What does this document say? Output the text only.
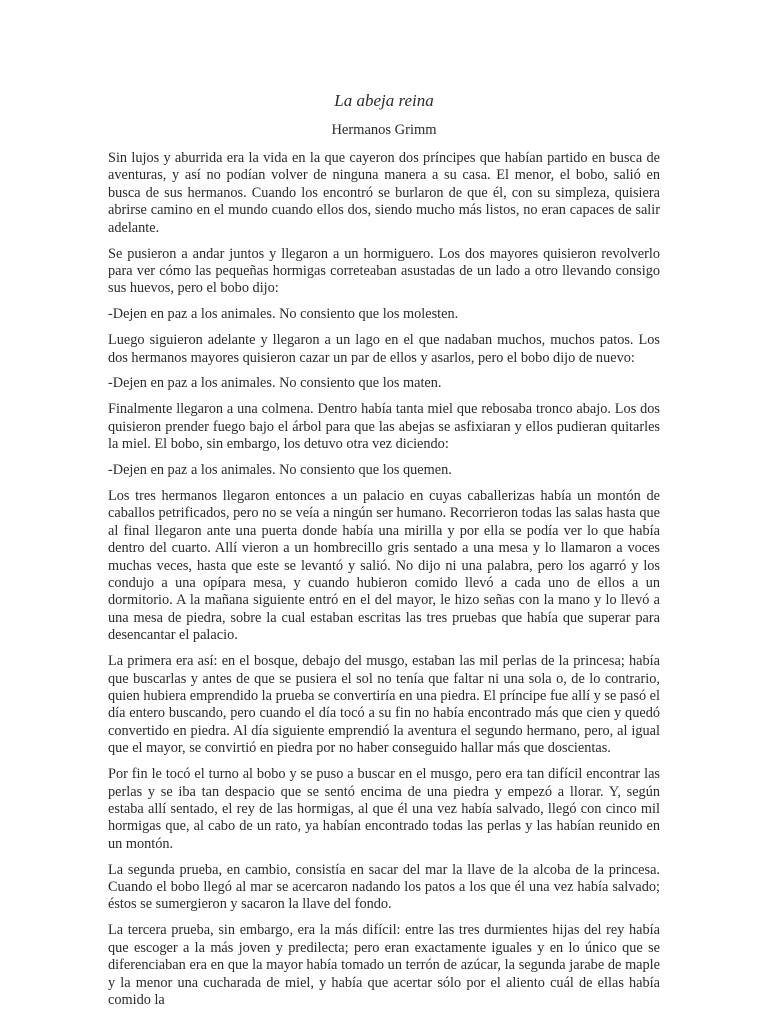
La abeja reina
Hermanos Grimm

Sin lujos y aburrida era la vida en la que cayeron dos príncipes que habían partido en busca de aventuras, y así no podían volver de ninguna manera a su casa. El menor, el bobo, salió en busca de sus hermanos. Cuando los encontró se burlaron de que él, con su simpleza, quisiera abrirse camino en el mundo cuando ellos dos, siendo mucho más listos, no eran capaces de salir adelante.

Se pusieron a andar juntos y llegaron a un hormiguero. Los dos mayores quisieron revolverlo para ver cómo las pequeñas hormigas correteaban asustadas de un lado a otro llevando consigo sus huevos, pero el bobo dijo:

-Dejen en paz a los animales. No consiento que los molesten.

Luego siguieron adelante y llegaron a un lago en el que nadaban muchos, muchos patos. Los dos hermanos mayores quisieron cazar un par de ellos y asarlos, pero el bobo dijo de nuevo:

-Dejen en paz a los animales. No consiento que los maten.

Finalmente llegaron a una colmena. Dentro había tanta miel que rebosaba tronco abajo. Los dos quisieron prender fuego bajo el árbol para que las abejas se asfixiaran y ellos pudieran quitarles la miel. El bobo, sin embargo, los detuvo otra vez diciendo:

-Dejen en paz a los animales. No consiento que los quemen.

Los tres hermanos llegaron entonces a un palacio en cuyas caballerizas había un montón de caballos petrificados, pero no se veía a ningún ser humano. Recorrieron todas las salas hasta que al final llegaron ante una puerta donde había una mirilla y por ella se podía ver lo que había dentro del cuarto. Allí vieron a un hombrecillo gris sentado a una mesa y lo llamaron a voces muchas veces, hasta que este se levantó y salió. No dijo ni una palabra, pero los agarró y los condujo a una opípara mesa, y cuando hubieron comido llevó a cada uno de ellos a un dormitorio. A la mañana siguiente entró en el del mayor, le hizo señas con la mano y lo llevó a una mesa de piedra, sobre la cual estaban escritas las tres pruebas que había que superar para desencantar el palacio.

La primera era así: en el bosque, debajo del musgo, estaban las mil perlas de la princesa; había que buscarlas y antes de que se pusiera el sol no tenía que faltar ni una sola o, de lo contrario, quien hubiera emprendido la prueba se convertiría en una piedra. El príncipe fue allí y se pasó el día entero buscando, pero cuando el día tocó a su fin no había encontrado más que cien y quedó convertido en piedra. Al día siguiente emprendió la aventura el segundo hermano, pero, al igual que el mayor, se convirtió en piedra por no haber conseguido hallar más que doscientas.

Por fin le tocó el turno al bobo y se puso a buscar en el musgo, pero era tan difícil encontrar las perlas y se iba tan despacio que se sentó encima de una piedra y empezó a llorar. Y, según estaba allí sentado, el rey de las hormigas, al que él una vez había salvado, llegó con cinco mil hormigas que, al cabo de un rato, ya habían encontrado todas las perlas y las habían reunido en un montón.

La segunda prueba, en cambio, consistía en sacar del mar la llave de la alcoba de la princesa. Cuando el bobo llegó al mar se acercaron nadando los patos a los que él una vez había salvado; éstos se sumergieron y sacaron la llave del fondo.

La tercera prueba, sin embargo, era la más difícil: entre las tres durmientes hijas del rey había que escoger a la más joven y predilecta; pero eran exactamente iguales y en lo único que se diferenciaban era en que la mayor había tomado un terrón de azúcar, la segunda jarabe de maple y la menor una cucharada de miel, y había que acertar sólo por el aliento cuál de ellas había comido la
